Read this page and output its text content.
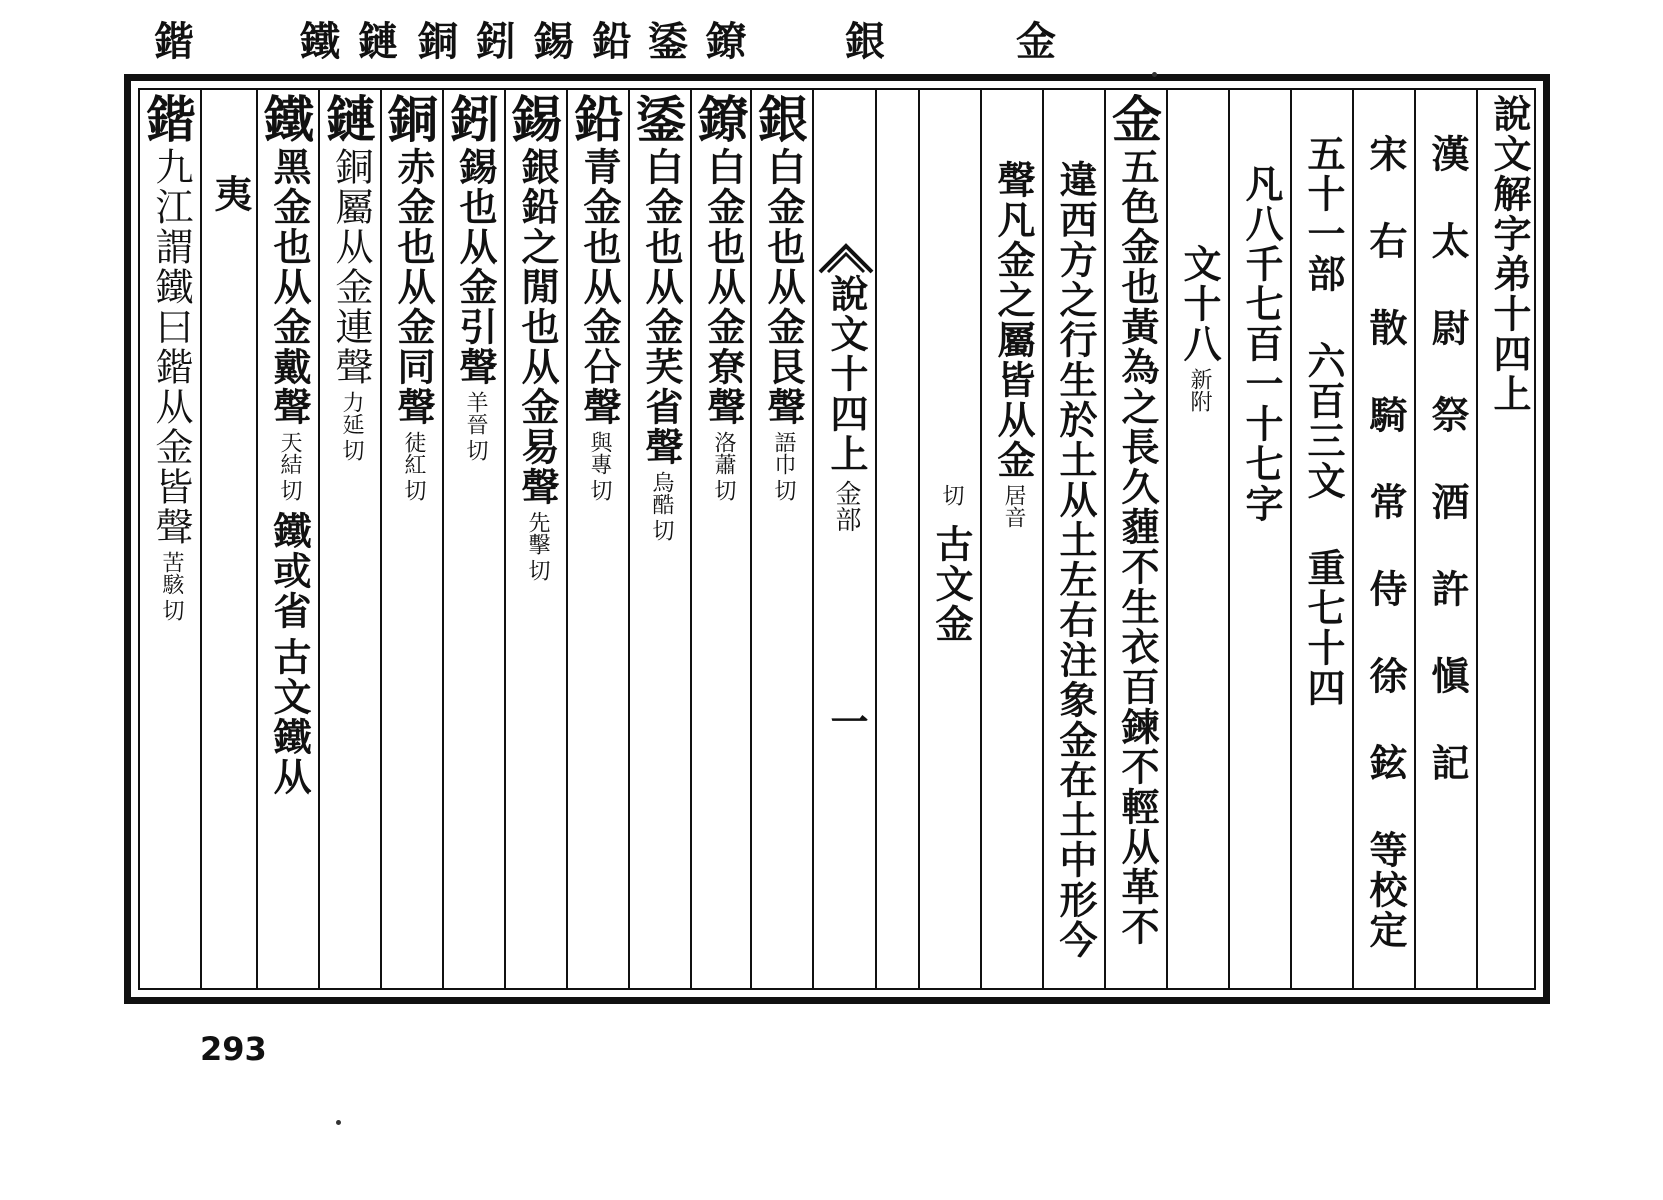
金
銀
鐐
鋈
鉛
錫
鈏
銅
鏈
鐵
鍇
說文解字弟十四上
漢 太 尉 祭 酒 許 愼 記
宋 右 散 騎 常 侍 徐 鉉 等校定
五十一部 六百三文 重七十四
凡八千七百一十七字
文十八
新附
金
五色金也黃為之長久薶不生衣百鍊不輕从革不
違西方之行生於土从土左右注象金在土中形今
聲凡金之屬皆从金
居音
切
古文金
說文十四上
金部
一
銀
白金也从金艮聲
語巾
切
鐐
白金也从金尞聲
洛蕭
切
鋈
白金也从金芺省聲
烏酷
切
鉛
青金也从金㕣聲
與專
切
錫
銀鉛之閒也从金易聲
先擊
切
鈏
錫也从金引聲
羊晉
切
銅
赤金也从金同聲
徒紅
切
鏈
銅屬从金連聲
力延
切
鐵
黑金也从金戴聲
天結
切
鐵或省
古文鐵从
夷
鍇
九江謂鐵曰鍇从金皆聲
苦駭
切
293
